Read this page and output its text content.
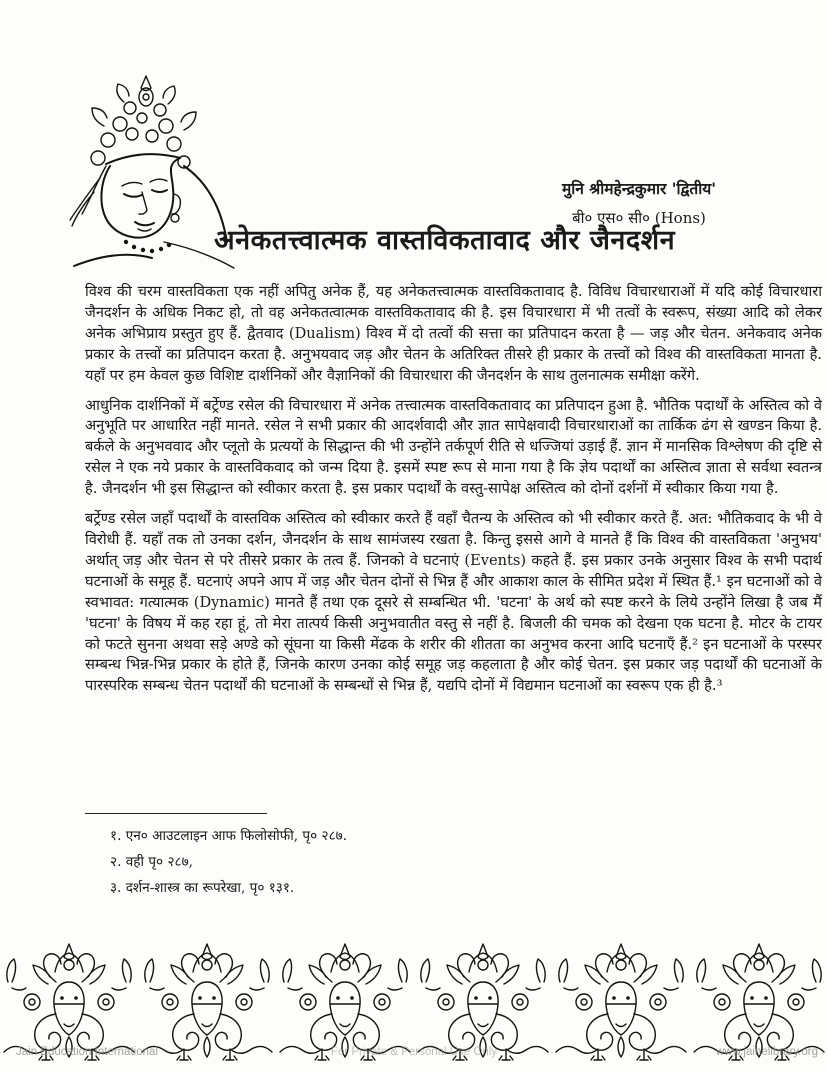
मुनि श्रीमहेन्द्रकुमार 'द्वितीय'
बी० एस० सी० (Hons)
अनेकतत्त्वात्मक वास्तविकतावाद और जैनदर्शन

विश्व की चरम वास्तविकता एक नहीं अपितु अनेक हैं, यह अनेकतत्त्वात्मक वास्तविकतावाद है. विविध विचारधाराओं में यदि कोई विचारधारा जैनदर्शन के अधिक निकट हो, तो वह अनेकतत्वात्मक वास्तविकतावाद की है. इस विचारधारा में भी तत्वों के स्वरूप, संख्या आदि को लेकर अनेक अभिप्राय प्रस्तुत हुए हैं. द्वैतवाद (Dualism) विश्व में दो तत्वों की सत्ता का प्रतिपादन करता है — जड़ और चेतन. अनेकवाद अनेक प्रकार के तत्त्वों का प्रतिपादन करता है. अनुभयवाद जड़ और चेतन के अतिरिक्त तीसरे ही प्रकार के तत्त्वों को विश्व की वास्तविकता मानता है. यहाँ पर हम केवल कुछ विशिष्ट दार्शनिकों और वैज्ञानिकों की विचारधारा की जैनदर्शन के साथ तुलनात्मक समीक्षा करेंगे.

आधुनिक दार्शनिकों में बर्ट्रेण्ड रसेल की विचारधारा में अनेक तत्त्वात्मक वास्तविकतावाद का प्रतिपादन हुआ है. भौतिक पदार्थों के अस्तित्व को वे अनुभूति पर आधारित नहीं मानते. रसेल ने सभी प्रकार की आदर्शवादी और ज्ञात सापेक्षवादी विचारधाराओं का तार्किक ढंग से खण्डन किया है. बर्कले के अनुभववाद और प्लूतो के प्रत्ययों के सिद्धान्त की भी उन्होंने तर्कपूर्ण रीति से धज्जियां उड़ाई हैं. ज्ञान में मानसिक विश्लेषण की दृष्टि से रसेल ने एक नये प्रकार के वास्तविकवाद को जन्म दिया है. इसमें स्पष्ट रूप से माना गया है कि ज्ञेय पदार्थों का अस्तित्व ज्ञाता से सर्वथा स्वतन्त्र है. जैनदर्शन भी इस सिद्धान्त को स्वीकार करता है. इस प्रकार पदार्थों के वस्तु-सापेक्ष अस्तित्व को दोनों दर्शनों में स्वीकार किया गया है.

बर्ट्रेण्ड रसेल जहाँ पदार्थों के वास्तविक अस्तित्व को स्वीकार करते हैं वहाँ चैतन्य के अस्तित्व को भी स्वीकार करते हैं. अत: भौतिकवाद के भी वे विरोधी हैं. यहाँ तक तो उनका दर्शन, जैनदर्शन के साथ सामंजस्य रखता है. किन्तु इससे आगे वे मानते हैं कि विश्व की वास्तविकता 'अनुभय' अर्थात् जड़ और चेतन से परे तीसरे प्रकार के तत्व हैं. जिनको वे घटनाएं (Events) कहते हैं. इस प्रकार उनके अनुसार विश्व के सभी पदार्थ घटनाओं के समूह हैं. घटनाएं अपने आप में जड़ और चेतन दोनों से भिन्न हैं और आकाश काल के सीमित प्रदेश में स्थित हैं.¹ इन घटनाओं को वे स्वभावत: गत्यात्मक (Dynamic) मानते हैं तथा एक दूसरे से सम्बन्धित भी. 'घटना' के अर्थ को स्पष्ट करने के लिये उन्होंने लिखा है जब मैं 'घटना' के विषय में कह रहा हूं, तो मेरा तात्पर्य किसी अनुभवातीत वस्तु से नहीं है. बिजली की चमक को देखना एक घटना है. मोटर के टायर को फटते सुनना अथवा सड़े अण्डे को सूंघना या किसी मेंढक के शरीर की शीतता का अनुभव करना आदि घटनाएँ हैं.² इन घटनाओं के परस्पर सम्बन्ध भिन्न-भिन्न प्रकार के होते हैं, जिनके कारण उनका कोई समूह जड़ कहलाता है और कोई चेतन. इस प्रकार जड़ पदार्थों की घटनाओं के पारस्परिक सम्बन्ध चेतन पदार्थों की घटनाओं के सम्बन्धों से भिन्न हैं, यद्यपि दोनों में विद्यमान घटनाओं का स्वरूप एक ही है.³

१. एन० आउटलाइन आफ फिलोसोफी, पृ० २८७.
२. वही पृ० २८७,
३. दर्शन-शास्त्र का रूपरेखा, पृ० १३१.
Jain Education International	For Private & Personal Use Only	www.jainelibrary.org
